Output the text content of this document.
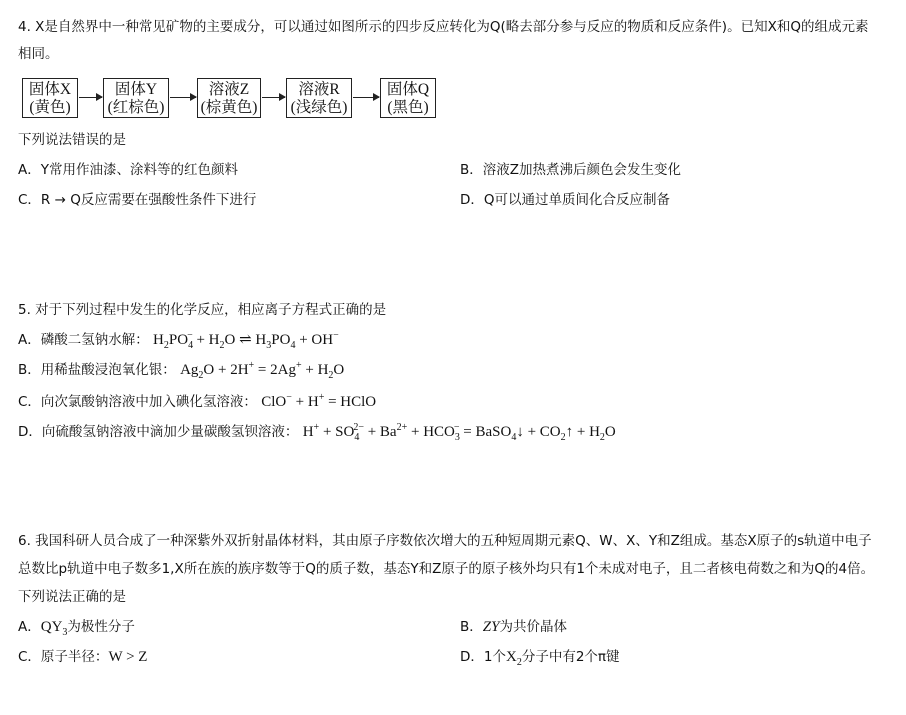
4. X是自然界中一种常见矿物的主要成分，可以通过如图所示的四步反应转化为Q(略去部分参与反应的物质和反应条件)。已知X和Q的组成元素
相同。
固体X
(黄色)
固体Y
(红棕色)
溶液Z
(棕黄色)
溶液R
(浅绿色)
固体Q
(黑色)
下列说法错误的是
A．Y常用作油漆、涂料等的红色颜料	B．溶液Z加热煮沸后颜色会发生变化
C．R → Q反应需要在强酸性条件下进行	D．Q可以通过单质间化合反应制备
5. 对于下列过程中发生的化学反应，相应离子方程式正确的是
A．磷酸二氢钠水解： $H_2PO_4^- + H_2O$ ⇌ $H_3PO_4 + OH^-$
B．用稀盐酸浸泡氧化银： $Ag_2O + 2H^+ = 2Ag^+ + H_2O$
C．向次氯酸钠溶液中加入碘化氢溶液： ClO− + H+ = HClO
D．向硫酸氢钠溶液中滴加少量碳酸氢钡溶液： $H^+ + SO_4^{2-} + Ba^{2+} + HCO_3^-$ = BaSO$_4$↓ + $CO_2↑ + H_2O$
6. 我国科研人员合成了一种深紫外双折射晶体材料，其由原子序数依次增大的五种短周期元素Q、W、X、Y和Z组成。基态X原子的s轨道中电子
总数比p轨道中电子数多1,X所在族的族序数等于Q的质子数，基态Y和Z原子的原子核外均只有1个未成对电子，且二者核电荷数之和为Q的4倍。
下列说法正确的是
A．$QY_3$为极性分子	B．ZY为共价晶体
C．原子半径：W > Z	D．1个$X_2$分子中有2个π键
